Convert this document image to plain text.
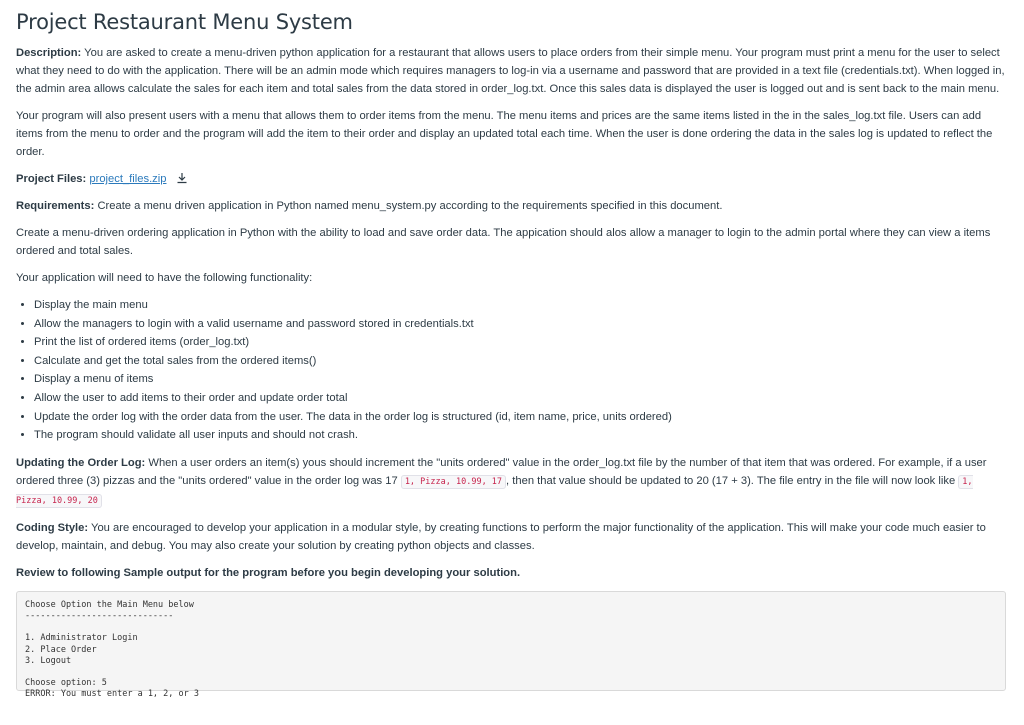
Project Restaurant Menu System

Description: You are asked to create a menu-driven python application for a restaurant that allows users to place orders from their simple menu. Your program must print a menu for the user to select what they need to do with the application. There will be an admin mode which requires managers to log-in via a username and password that are provided in a text file (credentials.txt). When logged in, the admin area allows calculate the sales for each item and total sales from the data stored in order_log.txt. Once this sales data is displayed the user is logged out and is sent back to the main menu.

Your program will also present users with a menu that allows them to order items from the menu. The menu items and prices are the same items listed in the in the sales_log.txt file. Users can add items from the menu to order and the program will add the item to their order and display an updated total each time. When the user is done ordering the data in the sales log is updated to reflect the order.

Project Files: project_files.zip

Requirements: Create a menu driven application in Python named menu_system.py according to the requirements specified in this document.

Create a menu-driven ordering application in Python with the ability to load and save order data. The appication should alos allow a manager to login to the admin portal where they can view a items ordered and total sales.

Your application will need to have the following functionality:

• Display the main menu
• Allow the managers to login with a valid username and password stored in credentials.txt
• Print the list of ordered items (order_log.txt)
• Calculate and get the total sales from the ordered items()
• Display a menu of items
• Allow the user to add items to their order and update order total
• Update the order log with the order data from the user. The data in the order log is structured (id, item name, price, units ordered)
• The program should validate all user inputs and should not crash.

Updating the Order Log: When a user orders an item(s) yous should increment the "units ordered" value in the order_log.txt file by the number of that item that was ordered. For example, if a user ordered three (3) pizzas and the "units ordered" value in the order log was 17 1, Pizza, 10.99, 17 , then that value should be updated to 20 (17 + 3). The file entry in the file will now look like 1, Pizza, 10.99, 20

Coding Style: You are encouraged to develop your application in a modular style, by creating functions to perform the major functionality of the application. This will make your code much easier to develop, maintain, and debug. You may also create your solution by creating python objects and classes.

Review to following Sample output for the program before you begin developing your solution.

Choose Option the Main Menu below
-----------------------------
1. Administrator Login
2. Place Order
3. Logout
Choose option: 5
ERROR: You must enter a 1, 2, or 3
